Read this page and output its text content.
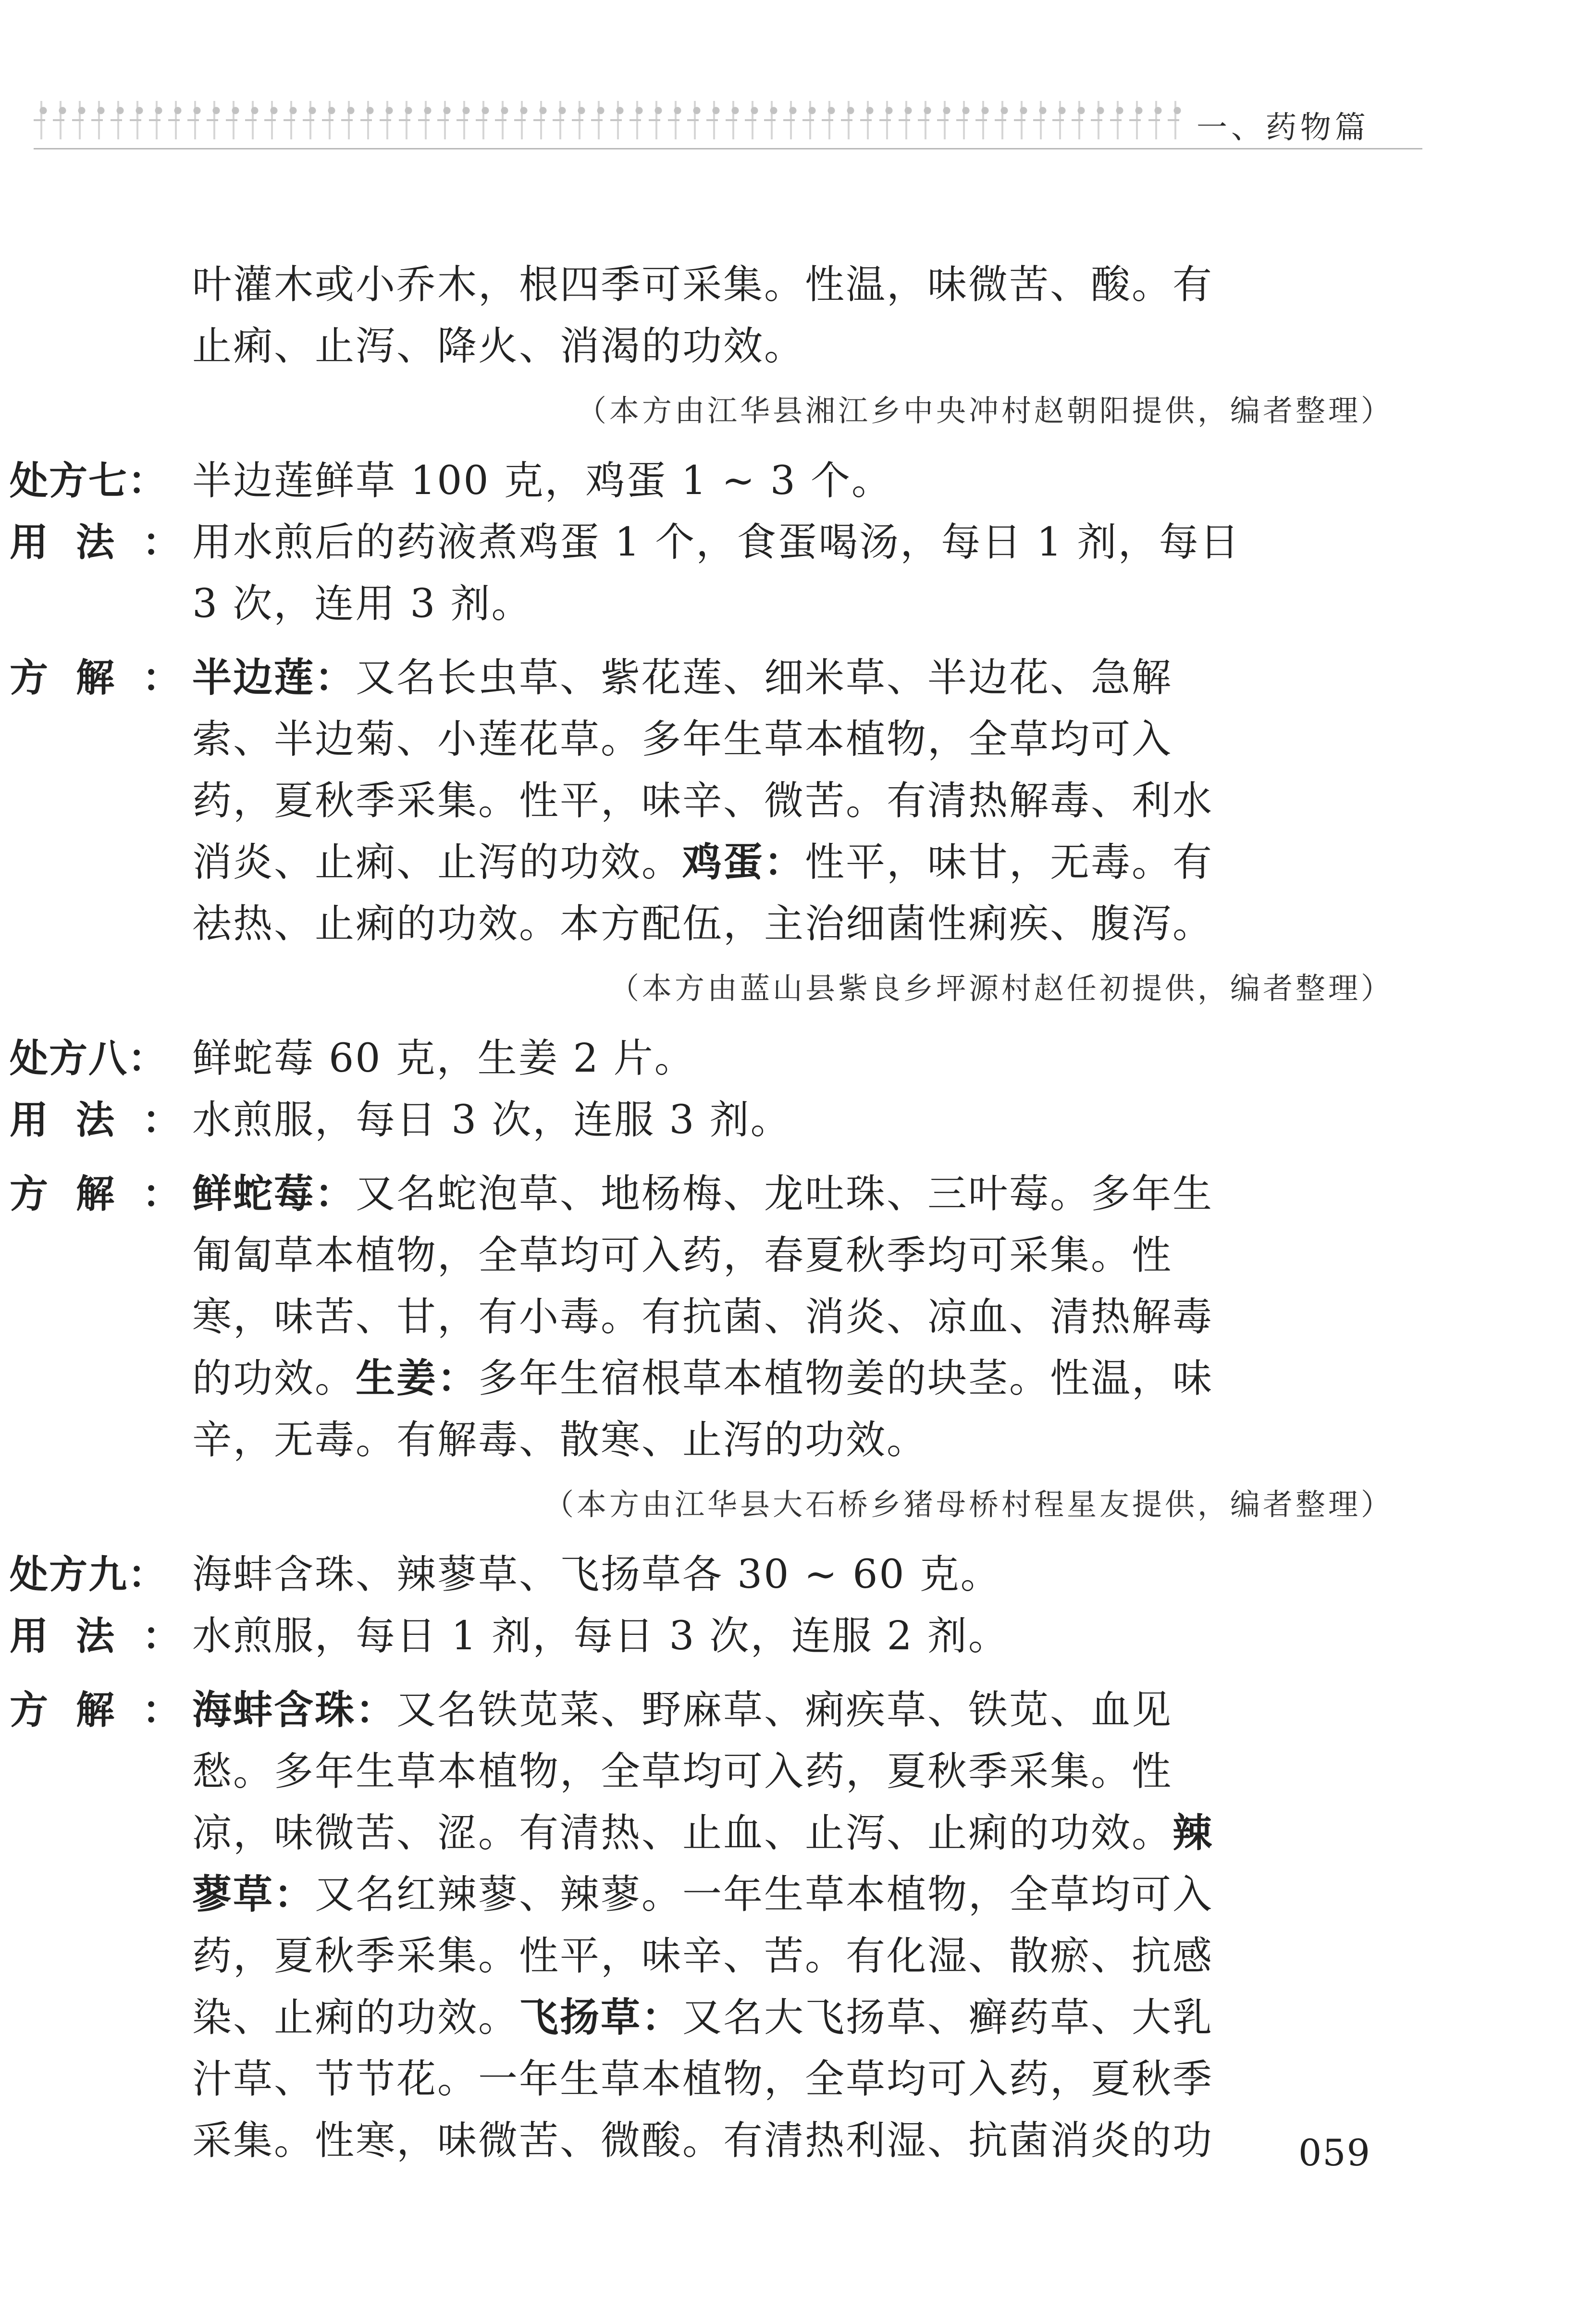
一、药物篇
叶灌木或小乔木，根四季可采集。性温，味微苦、酸。有
止痢、止泻、降火、消渴的功效。
（本方由江华县湘江乡中央冲村赵朝阳提供，编者整理）
处方七： 半边莲鲜草 100 克，鸡蛋 1 ~ 3 个。
用法：
用水煎后的药液煮鸡蛋 1 个，食蛋喝汤，每日 1 剂，每日
3 次，连用 3 剂。
方解：
半边莲：又名长虫草、紫花莲、细米草、半边花、急解
索、半边菊、小莲花草。多年生草本植物，全草均可入
药，夏秋季采集。性平，味辛、微苦。有清热解毒、利水
消炎、止痢、止泻的功效。鸡蛋：性平，味甘，无毒。有
祛热、止痢的功效。本方配伍，主治细菌性痢疾、腹泻。
（本方由蓝山县紫良乡坪源村赵任初提供，编者整理）
处方八： 鲜蛇莓 60 克，生姜 2 片。
用法：
水煎服，每日 3 次，连服 3 剂。
方解：
鲜蛇莓：又名蛇泡草、地杨梅、龙吐珠、三叶莓。多年生
匍匐草本植物，全草均可入药，春夏秋季均可采集。性
寒，味苦、甘，有小毒。有抗菌、消炎、凉血、清热解毒
的功效。生姜：多年生宿根草本植物姜的块茎。性温，味
辛，无毒。有解毒、散寒、止泻的功效。
（本方由江华县大石桥乡猪母桥村程星友提供，编者整理）
处方九： 海蚌含珠、辣蓼草、飞扬草各 30 ~ 60 克。
用法：
水煎服，每日 1 剂，每日 3 次，连服 2 剂。
方解：
海蚌含珠：又名铁苋菜、野麻草、痢疾草、铁苋、血见
愁。多年生草本植物，全草均可入药，夏秋季采集。性
凉，味微苦、涩。有清热、止血、止泻、止痢的功效。辣
蓼草：又名红辣蓼、辣蓼。一年生草本植物，全草均可入
药，夏秋季采集。性平，味辛、苦。有化湿、散瘀、抗感
染、止痢的功效。飞扬草：又名大飞扬草、癣药草、大乳
汁草、节节花。一年生草本植物，全草均可入药，夏秋季
采集。性寒，味微苦、微酸。有清热利湿、抗菌消炎的功 059
